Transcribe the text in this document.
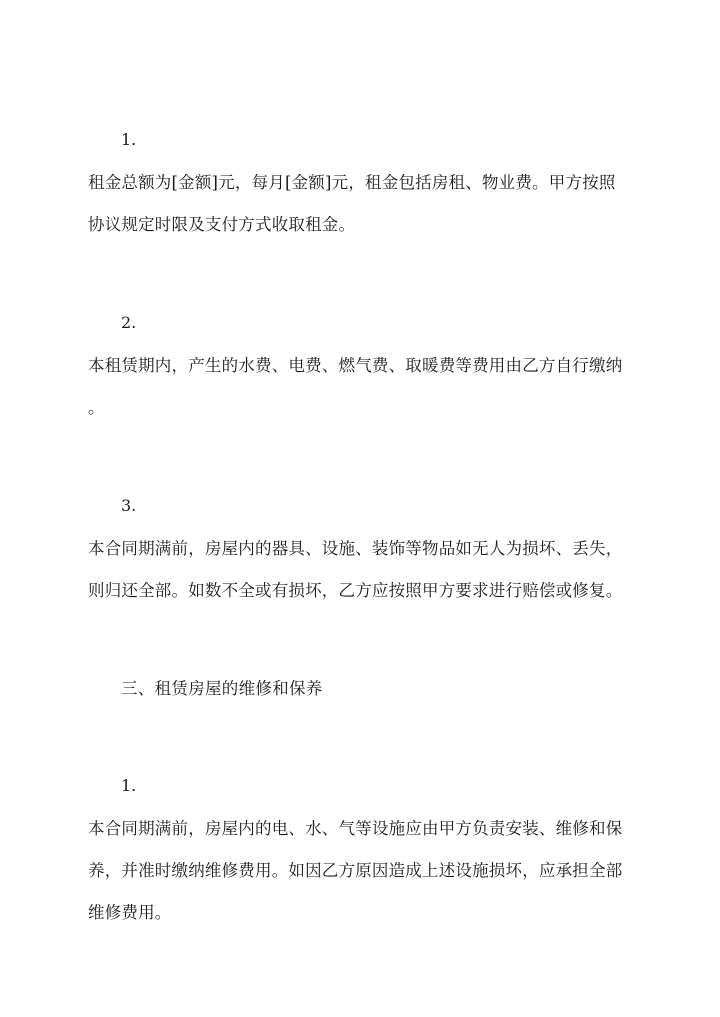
1.
租金总额为[金额]元，每月[金额]元，租金包括房租、物业费。甲方按照
协议规定时限及支付方式收取租金。
2.
本租赁期内，产生的水费、电费、燃气费、取暖费等费用由乙方自行缴纳
。
3.
本合同期满前，房屋内的器具、设施、装饰等物品如无人为损坏、丢失，
则归还全部。如数不全或有损坏，乙方应按照甲方要求进行赔偿或修复。
三、租赁房屋的维修和保养
1.
本合同期满前，房屋内的电、水、气等设施应由甲方负责安装、维修和保
养，并准时缴纳维修费用。如因乙方原因造成上述设施损坏，应承担全部
维修费用。
